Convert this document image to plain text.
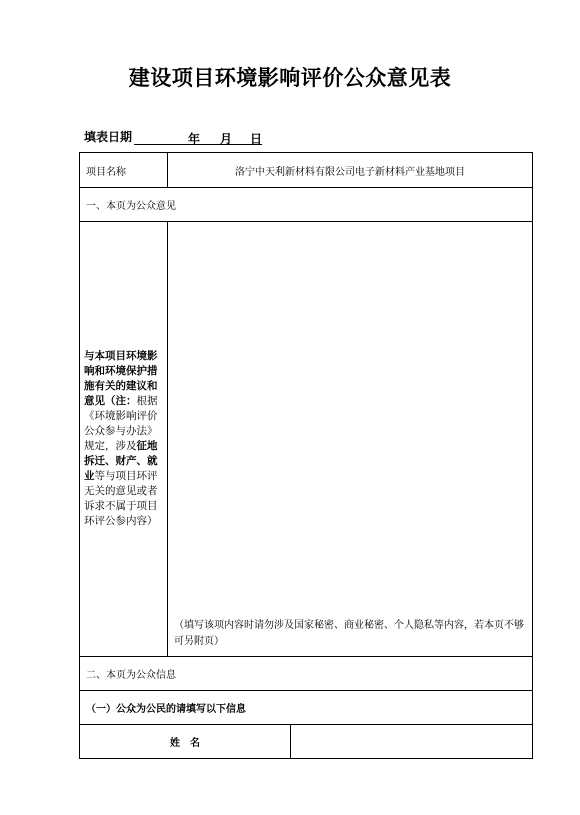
建设项目环境影响评价公众意见表
填表日期	年 月 日
项目名称	洛宁中天利新材料有限公司电子新材料产业基地项目	
一、本页为公众意见		
与本项目环境影响和环境保护措施有关的建议和意见（注：根据《环境影响评价公众参与办法》规定，涉及征地拆迁、财产、就业等与项目环评无关的意见或者诉求不属于项目环评公参内容）	（填写该项内容时请勿涉及国家秘密、商业秘密、个人隐私等内容，若本页不够可另附页）	

二、本页为公众信息		
（一）公众为公民的请填写以下信息		
姓　名		
